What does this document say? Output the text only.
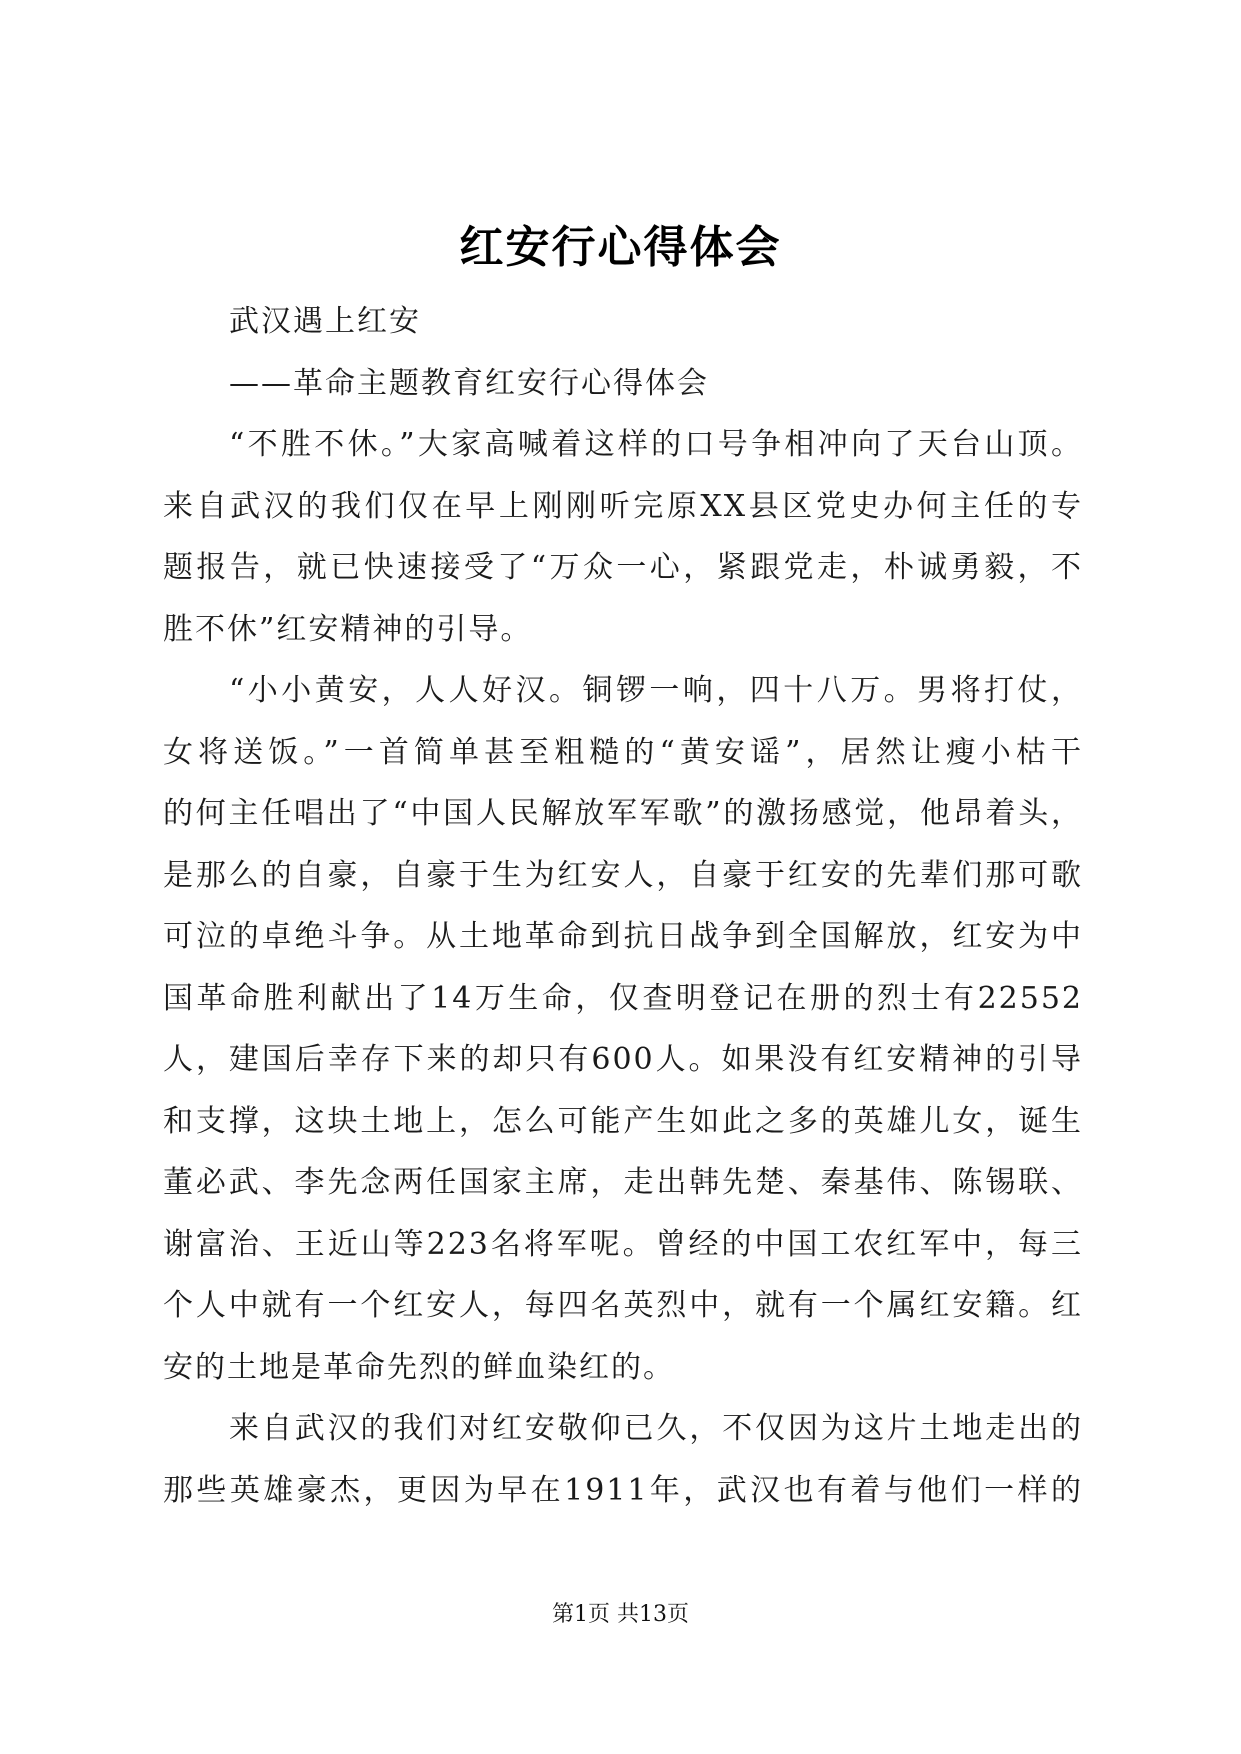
红安行心得体会
武汉遇上红安
——革命主题教育红安行心得体会
“不胜不休。”大家高喊着这样的口号争相冲向了天台山顶。
来自武汉的我们仅在早上刚刚听完原XX县区党史办何主任的专
题报告，就已快速接受了“万众一心，紧跟党走，朴诚勇毅，不
胜不休”红安精神的引导。
“小小黄安，人人好汉。铜锣一响，四十八万。男将打仗，
女将送饭。”一首简单甚至粗糙的“黄安谣”，居然让瘦小枯干
的何主任唱出了“中国人民解放军军歌”的激扬感觉，他昂着头，
是那么的自豪，自豪于生为红安人，自豪于红安的先辈们那可歌
可泣的卓绝斗争。从土地革命到抗日战争到全国解放，红安为中
国革命胜利献出了14万生命，仅查明登记在册的烈士有22552
人，建国后幸存下来的却只有600人。如果没有红安精神的引导
和支撑，这块土地上，怎么可能产生如此之多的英雄儿女，诞生
董必武、李先念两任国家主席，走出韩先楚、秦基伟、陈锡联、
谢富治、王近山等223名将军呢。曾经的中国工农红军中，每三
个人中就有一个红安人，每四名英烈中，就有一个属红安籍。红
安的土地是革命先烈的鲜血染红的。
来自武汉的我们对红安敬仰已久，不仅因为这片土地走出的
那些英雄豪杰，更因为早在1911年，武汉也有着与他们一样的
第1页 共13页
